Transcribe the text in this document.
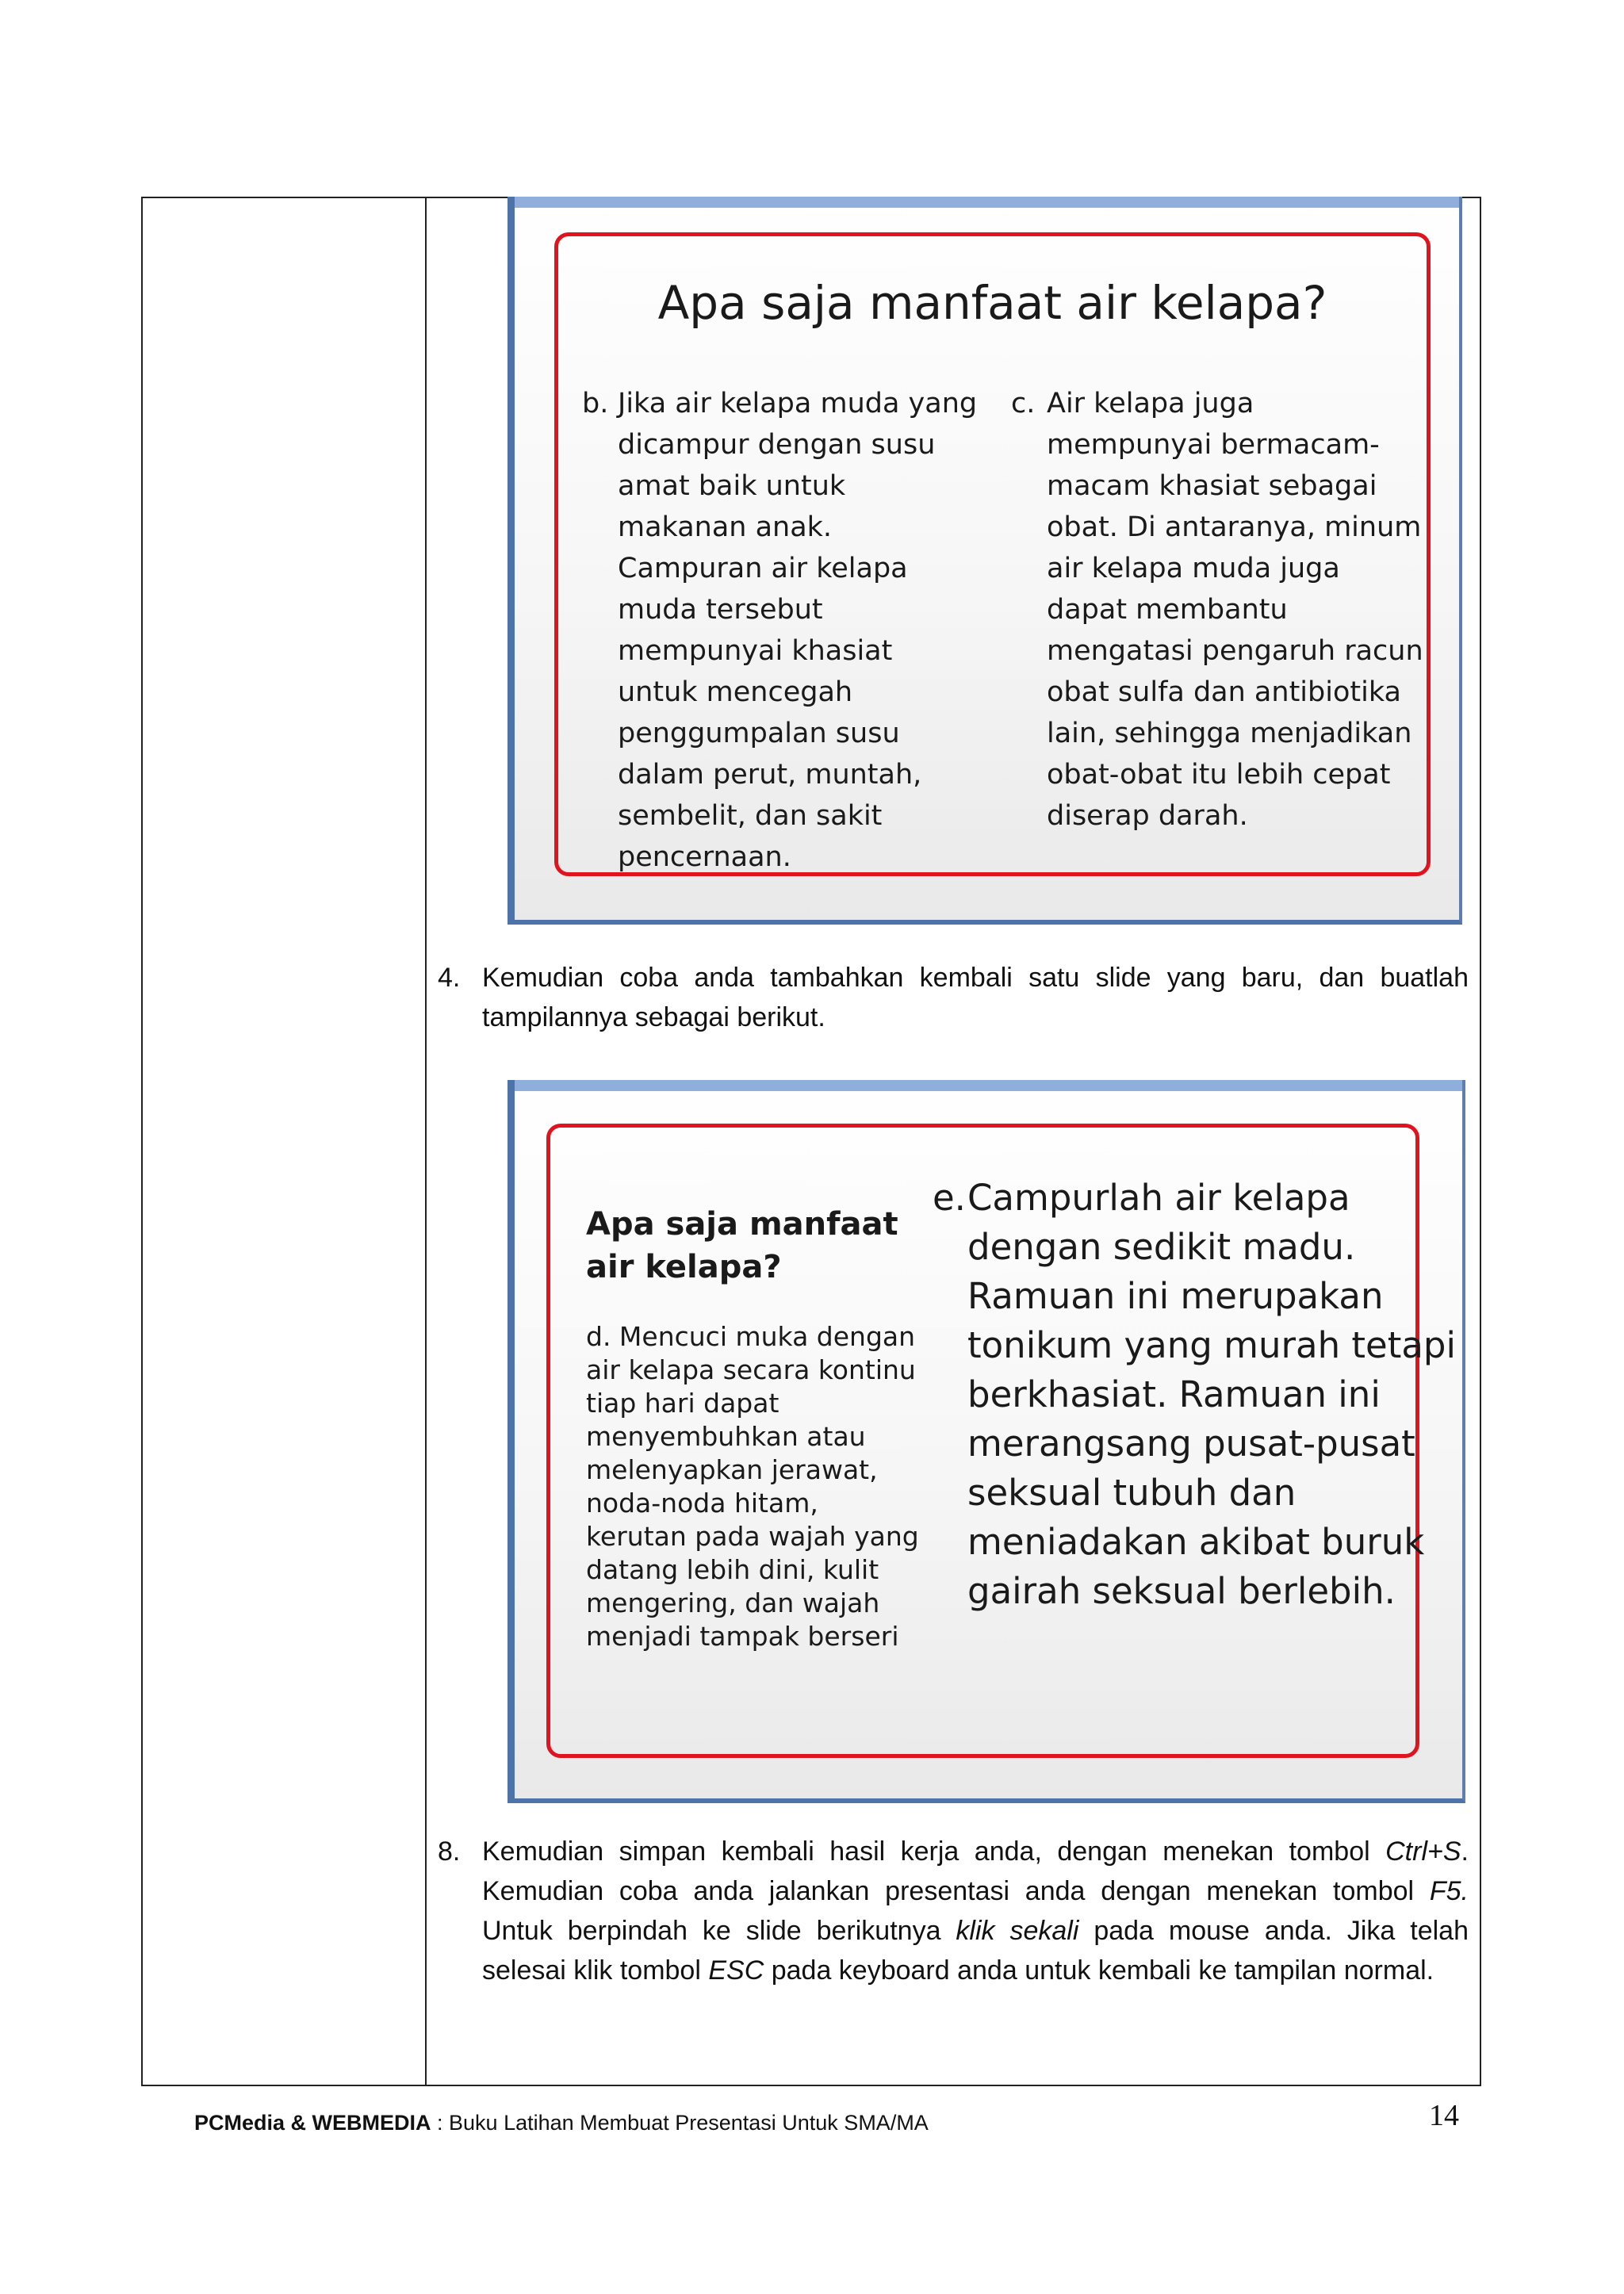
Apa saja manfaat air kelapa?
b. Jika air kelapa muda yang dicampur dengan susu amat baik untuk makanan anak. Campuran air kelapa muda tersebut mempunyai khasiat untuk mencegah penggumpalan susu dalam perut, muntah, sembelit, dan sakit pencernaan.
c. Air kelapa juga mempunyai bermacam-macam khasiat sebagai obat. Di antaranya, minum air kelapa muda juga dapat membantu mengatasi pengaruh racun obat sulfa dan antibiotika lain, sehingga menjadikan obat-obat itu lebih cepat diserap darah.
4. Kemudian coba anda tambahkan kembali satu slide yang baru, dan buatlah tampilannya sebagai berikut.
Apa saja manfaat air kelapa?
d. Mencuci muka dengan air kelapa secara kontinu tiap hari dapat menyembuhkan atau melenyapkan jerawat, noda-noda hitam, kerutan pada wajah yang datang lebih dini, kulit mengering, dan wajah menjadi tampak berseri
e.Campurlah air kelapa dengan sedikit madu. Ramuan ini merupakan tonikum yang murah tetapi berkhasiat. Ramuan ini merangsang pusat-pusat seksual tubuh dan meniadakan akibat buruk gairah seksual berlebih.
8. Kemudian simpan kembali hasil kerja anda, dengan menekan tombol Ctrl+S. Kemudian coba anda jalankan presentasi anda dengan menekan tombol F5. Untuk berpindah ke slide berikutnya klik sekali pada mouse anda. Jika telah selesai klik tombol ESC pada keyboard anda untuk kembali ke tampilan normal.
PCMedia & WEBMEDIA : Buku Latihan Membuat Presentasi Untuk SMA/MA	14
